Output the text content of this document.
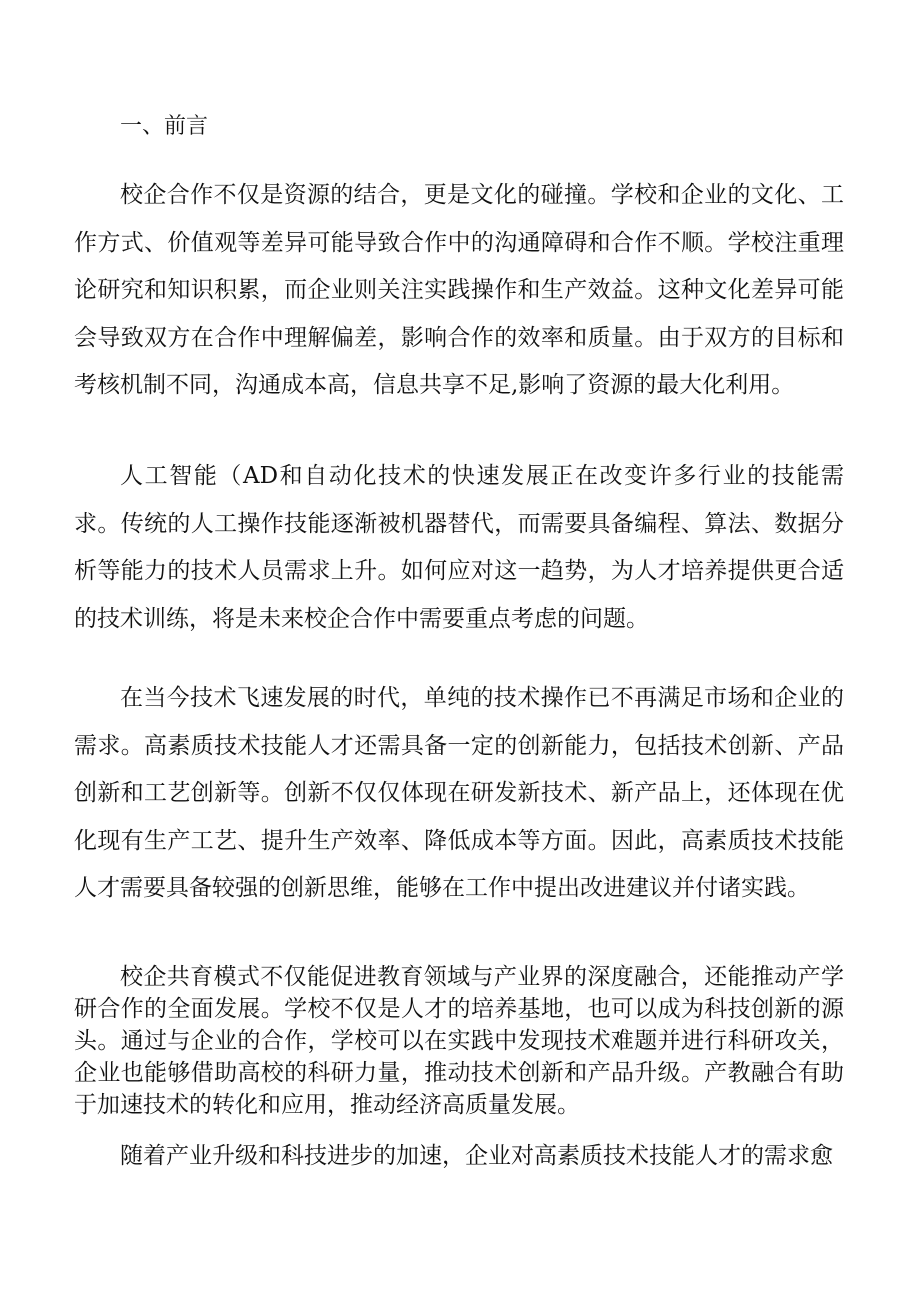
一、前言

校企合作不仅是资源的结合，更是文化的碰撞。学校和企业的文化、工作方式、价值观等差异可能导致合作中的沟通障碍和合作不顺。学校注重理论研究和知识积累，而企业则关注实践操作和生产效益。这种文化差异可能会导致双方在合作中理解偏差，影响合作的效率和质量。由于双方的目标和考核机制不同，沟通成本高，信息共享不足,影响了资源的最大化利用。

人工智能（AD和自动化技术的快速发展正在改变许多行业的技能需求。传统的人工操作技能逐渐被机器替代，而需要具备编程、算法、数据分析等能力的技术人员需求上升。如何应对这一趋势，为人才培养提供更合适的技术训练，将是未来校企合作中需要重点考虑的问题。

在当今技术飞速发展的时代，单纯的技术操作已不再满足市场和企业的需求。高素质技术技能人才还需具备一定的创新能力，包括技术创新、产品创新和工艺创新等。创新不仅仅体现在研发新技术、新产品上，还体现在优化现有生产工艺、提升生产效率、降低成本等方面。因此，高素质技术技能人才需要具备较强的创新思维，能够在工作中提出改进建议并付诸实践。

校企共育模式不仅能促进教育领域与产业界的深度融合，还能推动产学研合作的全面发展。学校不仅是人才的培养基地，也可以成为科技创新的源头。通过与企业的合作，学校可以在实践中发现技术难题并进行科研攻关，企业也能够借助高校的科研力量，推动技术创新和产品升级。产教融合有助于加速技术的转化和应用，推动经济高质量发展。

随着产业升级和科技进步的加速，企业对高素质技术技能人才的需求愈
